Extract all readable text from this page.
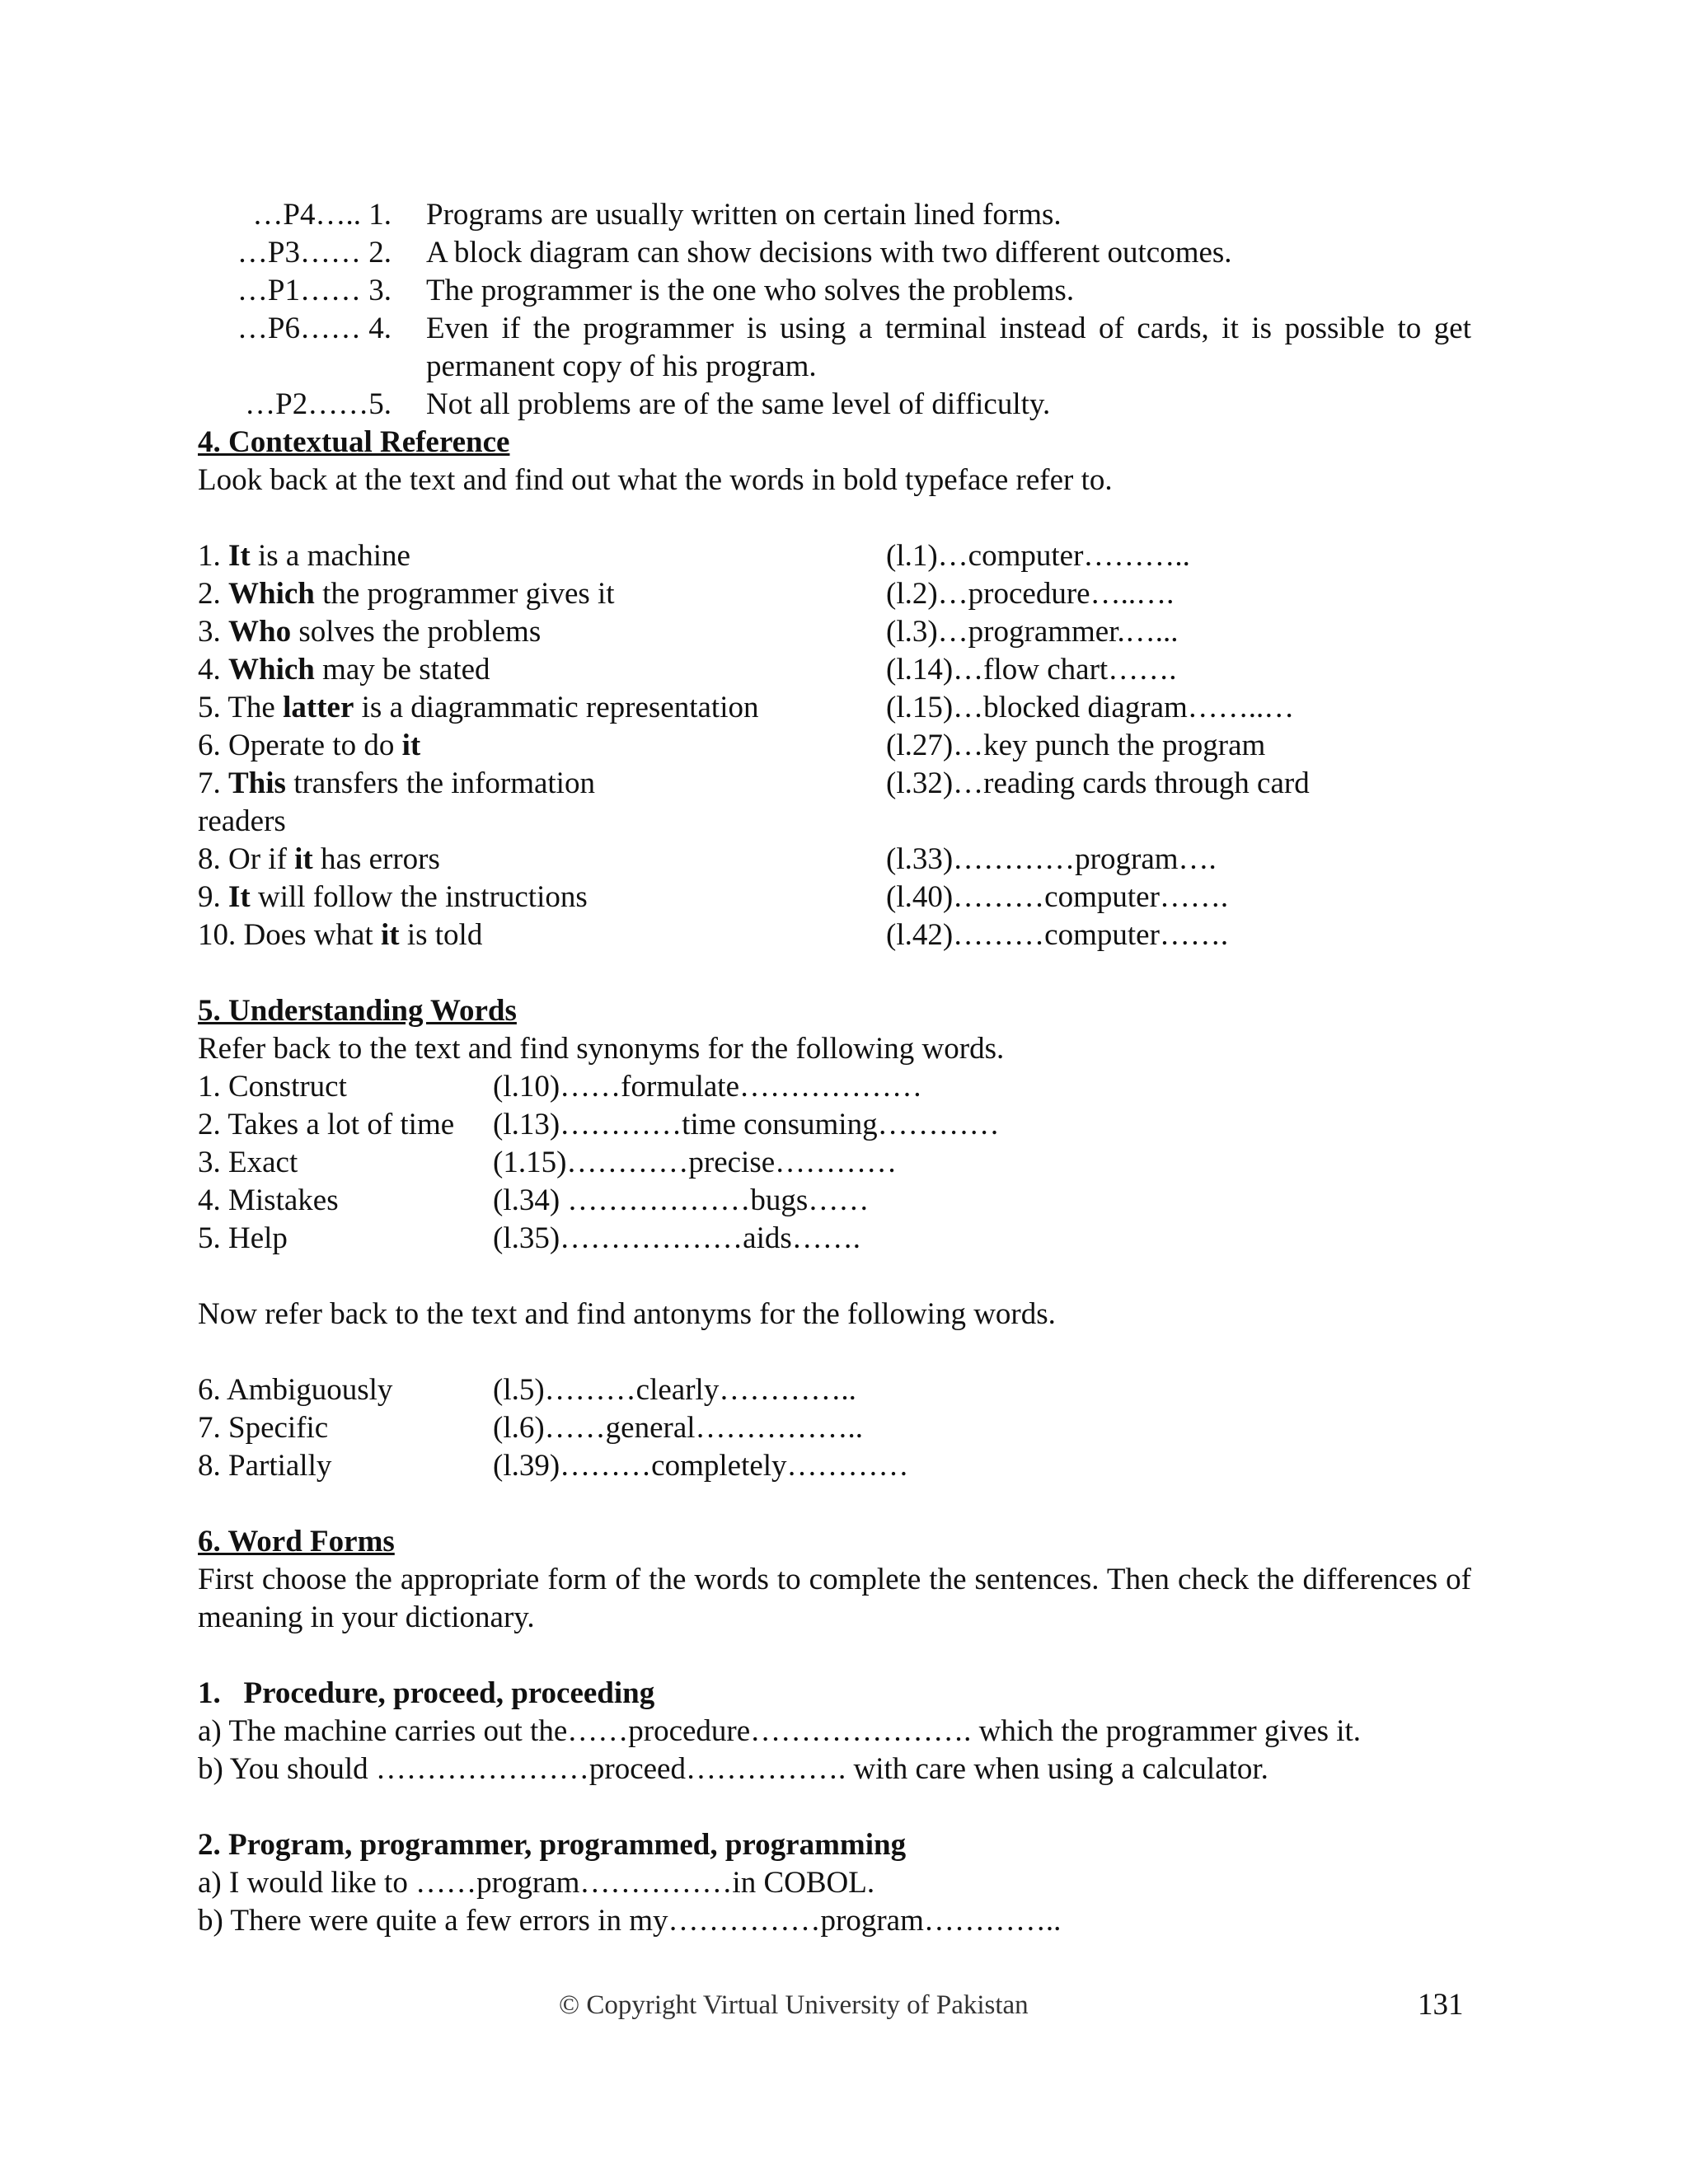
…P4….. 1. Programs are usually written on certain lined forms.
…P3…… 2. A block diagram can show decisions with two different outcomes.
…P1…… 3. The programmer is the one who solves the problems.
…P6…… 4. Even if the programmer is using a terminal instead of cards, it is possible to get permanent copy of his program.
…P2……5. Not all problems are of the same level of difficulty.
4. Contextual Reference

Look back at the text and find out what the words in bold typeface refer to.

1. It is a machine	(l.1)…computer………..
2. Which the programmer gives it	(l.2)…procedure…..….
3. Who solves the problems	(l.3)…programmer.…...
4. Which may be stated	(l.14)…flow chart…….
5. The latter is a diagrammatic representation	(l.15)…blocked diagram……..…
6. Operate to do it	(l.27)…key punch the program
7. This transfers the information	(l.32)…reading cards through card
readers
8. Or if it has errors	(l.33)…………program….
9. It will follow the instructions	(l.40)………computer…….
10. Does what it is told	(l.42)………computer…….
5. Understanding Words

Refer back to the text and find synonyms for the following words.

1. Construct	(l.10)……formulate………………
2. Takes a lot of time	(l.13)…………time consuming…………
3. Exact	(1.15)…………precise…………
4. Mistakes	(l.34) ………………bugs……
5. Help	(l.35)………………aids…….

Now refer back to the text and find antonyms for the following words.

6. Ambiguously	(l.5)………clearly…………..
7. Specific	(l.6)……general……………..
8. Partially	(l.39)………completely…………
6. Word Forms

First choose the appropriate form of the words to complete the sentences. Then check the differences of meaning in your dictionary.

1.   Procedure, proceed, proceeding

a) The machine carries out the……procedure…………………. which the programmer gives it.

b) You should …………………proceed……………. with care when using a calculator.

2. Program, programmer, programmed, programming

a) I would like to ……program……………in COBOL.

b) There were quite a few errors in my……………program…………..

© Copyright Virtual University of Pakistan	131
